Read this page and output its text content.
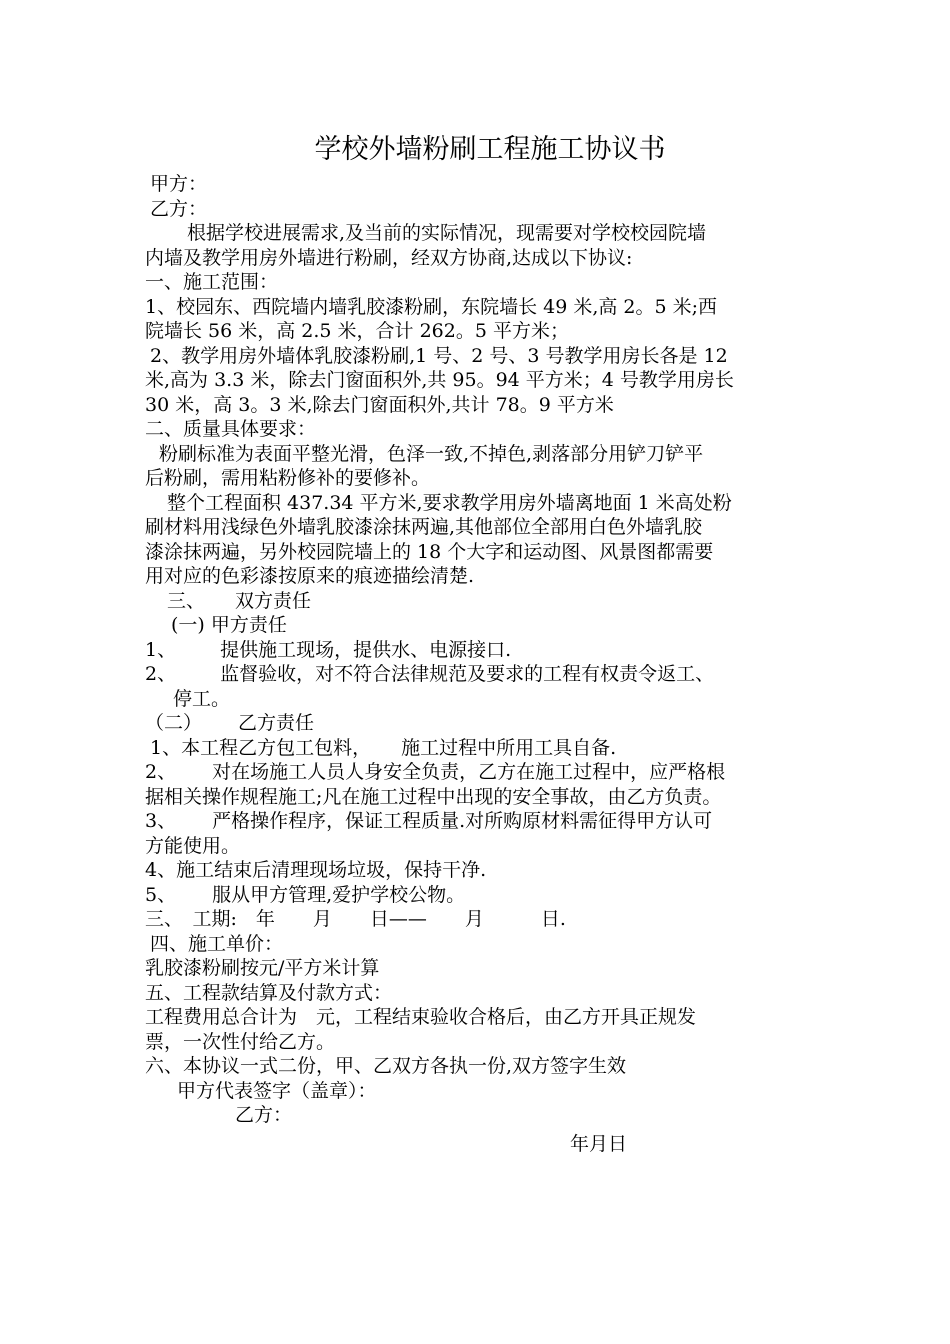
学校外墙粉刷工程施工协议书
甲方：
乙方：
根据学校进展需求,及当前的实际情况，现需要对学校校园院墙
内墙及教学用房外墙进行粉刷，经双方协商,达成以下协议:
一、施工范围：
1、校园东、西院墙内墙乳胶漆粉刷，东院墙长 49 米,高 2。5 米;西
院墙长 56 米，高 2.5 米，合计 262。5 平方米；
2、教学用房外墙体乳胶漆粉刷,1 号、2 号、3 号教学用房长各是 12
米,高为 3.3 米，除去门窗面积外,共 95。94 平方米；4 号教学用房长
30 米，高 3。3 米,除去门窗面积外,共计 78。9 平方米
二、质量具体要求：
粉刷标准为表面平整光滑，色泽一致,不掉色,剥落部分用铲刀铲平
后粉刷，需用粘粉修补的要修补。
整个工程面积 437.34 平方米,要求教学用房外墙离地面 1 米高处粉
刷材料用浅绿色外墙乳胶漆涂抹两遍,其他部位全部用白色外墙乳胶
漆涂抹两遍，另外校园院墙上的 18 个大字和运动图、风景图都需要
用对应的色彩漆按原来的痕迹描绘清楚.
三、 双方责任
(一) 甲方责任
1、 提供施工现场，提供水、电源接口.
2、 监督验收，对不符合法律规范及要求的工程有权责令返工、
停工。
（二） 乙方责任
1、本工程乙方包工包料， 施工过程中所用工具自备.
2、 对在场施工人员人身安全负责，乙方在施工过程中，应严格根
据相关操作规程施工;凡在施工过程中出现的安全事故，由乙方负责。
3、 严格操作程序，保证工程质量.对所购原材料需征得甲方认可
方能使用。
4、施工结束后清理现场垃圾，保持干净.
5、 服从甲方管理,爱护学校公物。
三、　工期:　年　　月　　日——　　月　　　日.
四、施工单价：
乳胶漆粉刷按元/平方米计算
五、工程款结算及付款方式：
工程费用总合计为　元，工程结束验收合格后，由乙方开具正规发
票，一次性付给乙方。
六、本协议一式二份，甲、乙双方各执一份,双方签字生效
甲方代表签字（盖章）：
乙方：
年月日
